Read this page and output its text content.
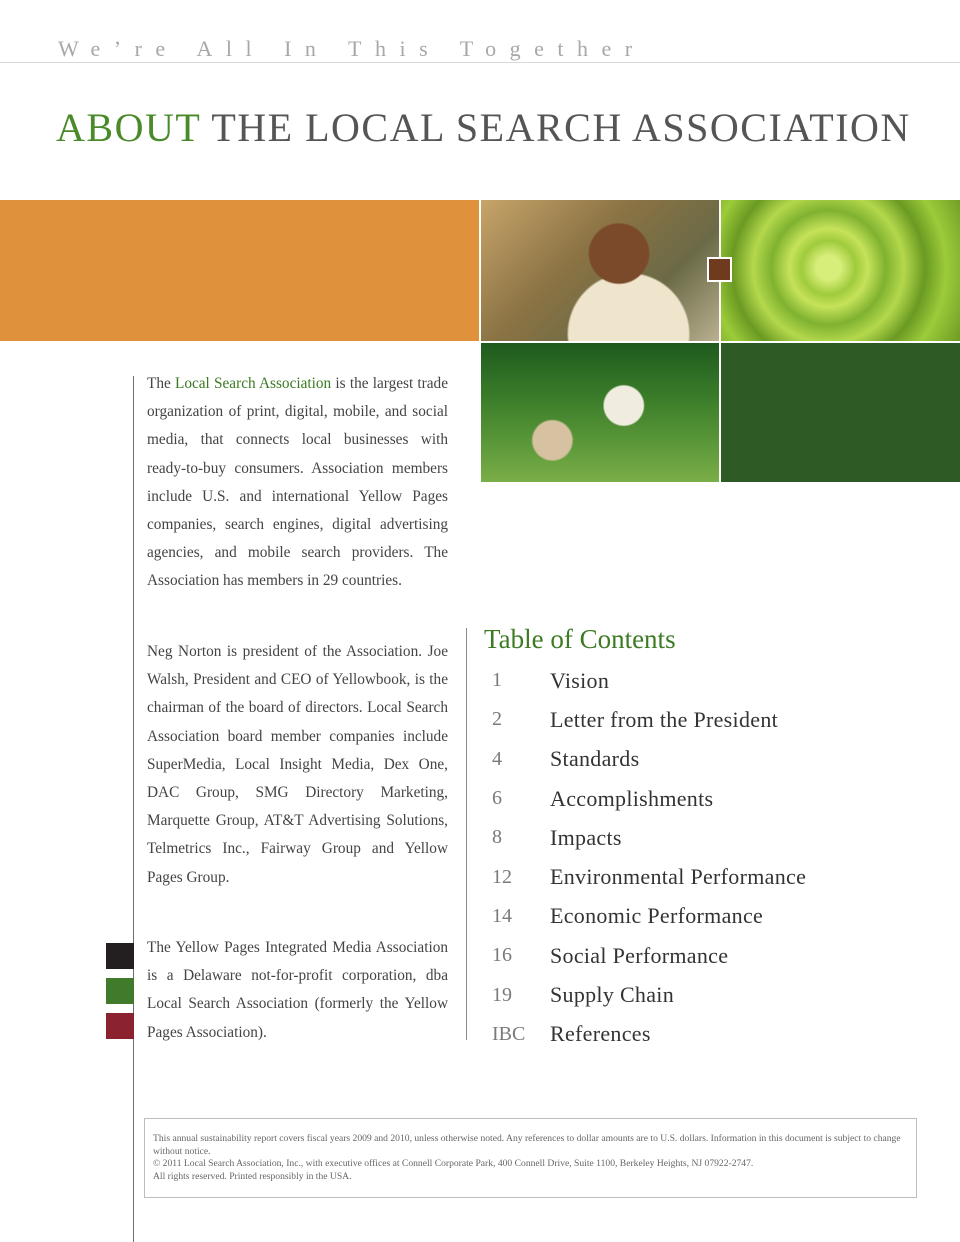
We’re All In This Together
ABOUT THE LOCAL SEARCH ASSOCIATION

The Local Search Association is the largest trade organization of print, digital, mobile, and social media, that connects local businesses with ready-to-buy consumers. Association members include U.S. and international Yellow Pages companies, search engines, digital advertising agencies, and mobile search providers. The Association has members in 29 countries.

Neg Norton is president of the Association. Joe Walsh, President and CEO of Yellowbook, is the chairman of the board of directors. Local Search Association board member companies include SuperMedia, Local Insight Media, Dex One, DAC Group, SMG Directory Marketing, Marquette Group, AT&T Advertising Solutions, Telmetrics Inc., Fairway Group and Yellow Pages Group.

The Yellow Pages Integrated Media Association is a Delaware not-for-profit corporation, dba Local Search Association (formerly the Yellow Pages Association).

Table of Contents
1	Vision
2	Letter from the President
4	Standards
6	Accomplishments
8	Impacts
12	Environmental Performance
14	Economic Performance
16	Social Performance
19	Supply Chain
IBC	References

This annual sustainability report covers fiscal years 2009 and 2010, unless otherwise noted. Any references to dollar amounts are to U.S. dollars. Information in this document is subject to change without notice.

© 2011 Local Search Association, Inc., with executive offices at Connell Corporate Park, 400 Connell Drive, Suite 1100, Berkeley Heights, NJ 07922-2747.

All rights reserved. Printed responsibly in the USA.
